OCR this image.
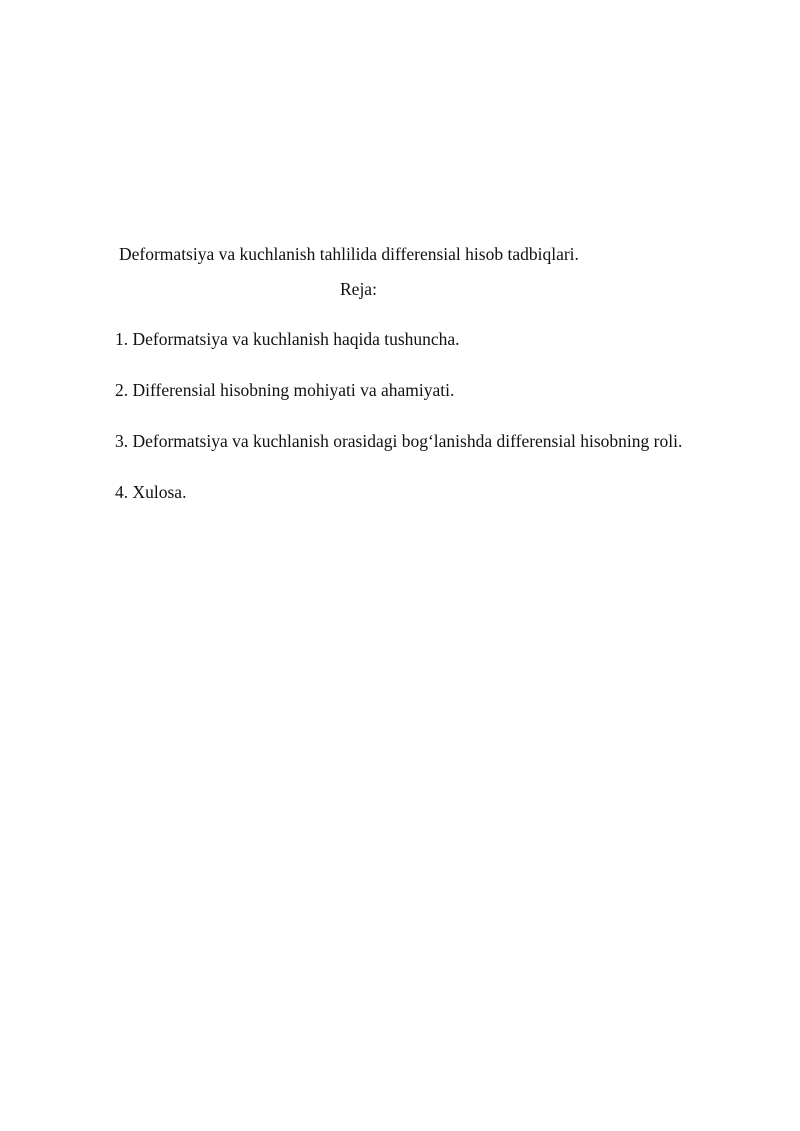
Deformatsiya va kuchlanish tahlilida differensial hisob tadbiqlari.
Reja:

1. Deformatsiya va kuchlanish haqida tushuncha.

2. Differensial hisobning mohiyati va ahamiyati.

3. Deformatsiya va kuchlanish orasidagi bog‘lanishda differensial hisobning roli.

4. Xulosa.
